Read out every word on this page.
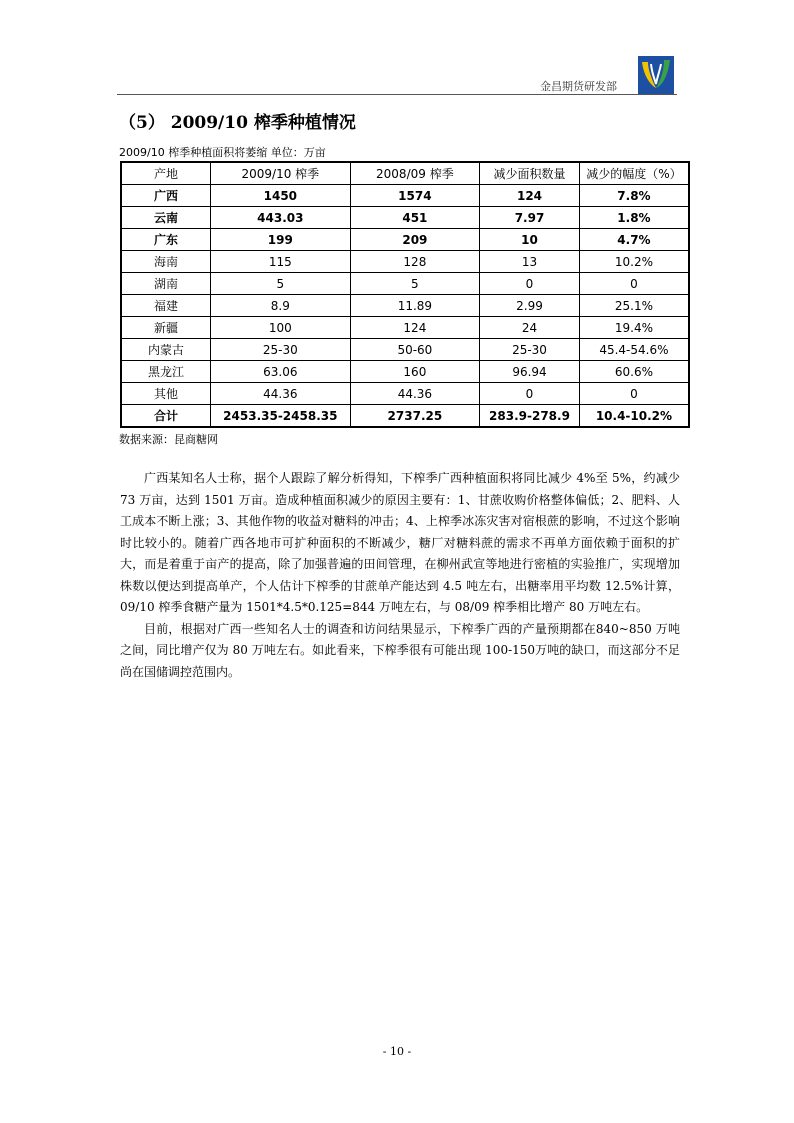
金昌期货研发部
（5） 2009/10 榨季种植情况
2009/10 榨季种植面积将萎缩 单位：万亩
产地	2009/10 榨季	2008/09 榨季	减少面积数量	减少的幅度（%）
广西	1450	1574	124	7.8%
云南	443.03	451	7.97	1.8%
广东	199	209	10	4.7%
海南	115	128	13	10.2%
湖南	5	5	0	0
福建	8.9	11.89	2.99	25.1%
新疆	100	124	24	19.4%
内蒙古	25-30	50-60	25-30	45.4-54.6%
黑龙江	63.06	160	96.94	60.6%
其他	44.36	44.36	0	0
合计	2453.35-2458.35	2737.25	283.9-278.9	10.4-10.2%
数据来源：昆商糖网

广西某知名人士称，据个人跟踪了解分析得知，下榨季广西种植面积将同比减少 4%至 5%，约减少 73 万亩，达到 1501 万亩。造成种植面积减少的原因主要有：1、甘蔗收购价格整体偏低；2、肥料、人工成本不断上涨；3、其他作物的收益对糖料的冲击；4、上榨季冰冻灾害对宿根蔗的影响，不过这个影响时比较小的。随着广西各地市可扩种面积的不断减少，糖厂对糖料蔗的需求不再单方面依赖于面积的扩大，而是着重于亩产的提高，除了加强普遍的田间管理，在柳州武宣等地进行密植的实验推广，实现增加株数以便达到提高单产，个人估计下榨季的甘蔗单产能达到 4.5 吨左右，出糖率用平均数 12.5%计算，09/10 榨季食糖产量为 1501*4.5*0.125=844 万吨左右，与 08/09 榨季相比增产 80 万吨左右。

目前，根据对广西一些知名人士的调查和访问结果显示，下榨季广西的产量预期都在840~850 万吨之间，同比增产仅为 80 万吨左右。如此看来，下榨季很有可能出现 100-150万吨的缺口，而这部分不足尚在国储调控范围内。

- 10 -
